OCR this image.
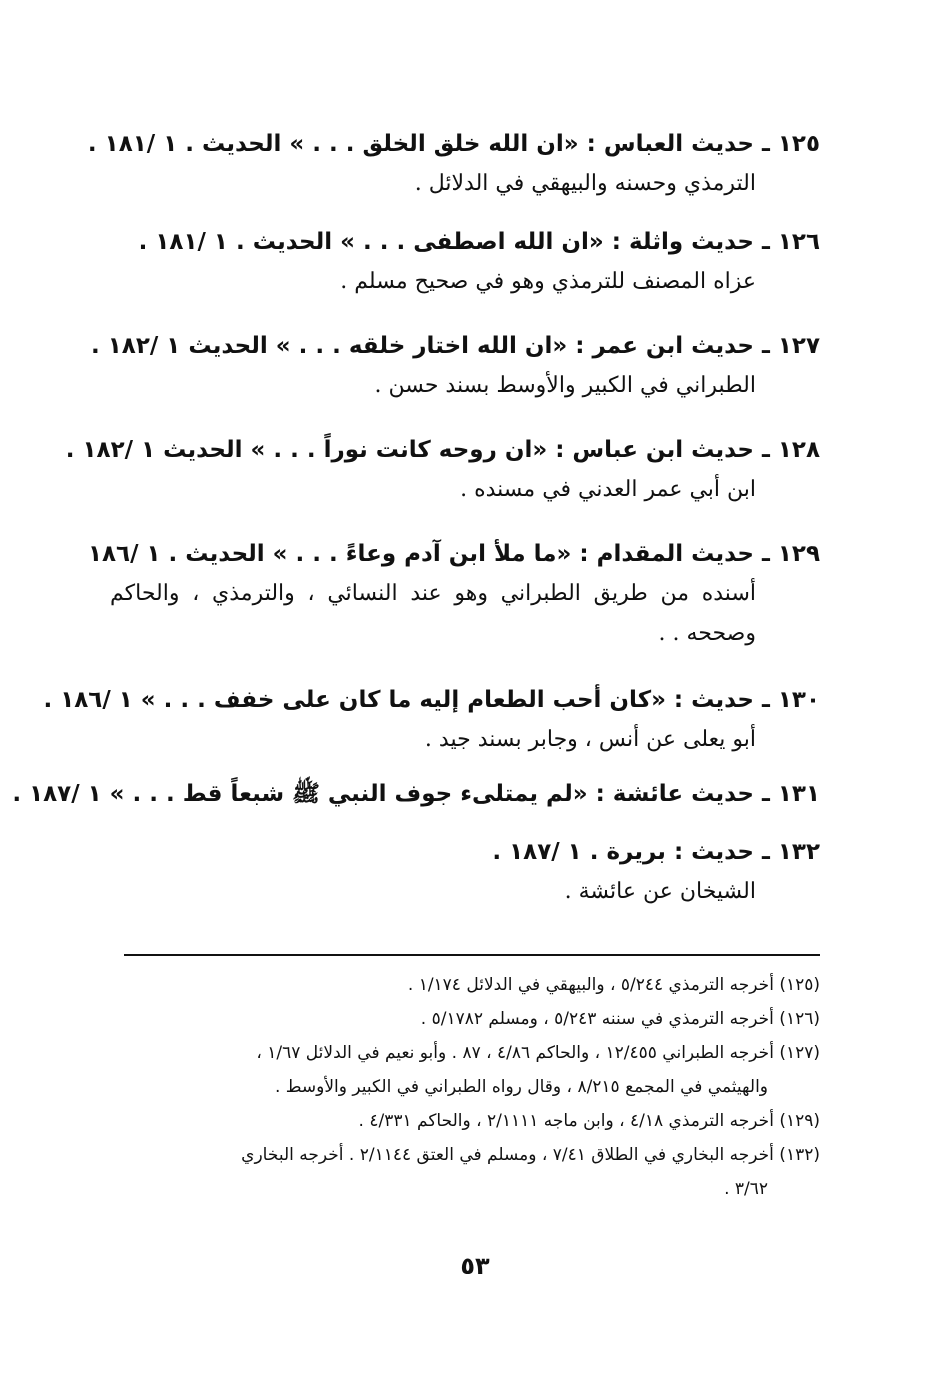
١٢٥ ـ حديث العباس : «ان الله خلق الخلق . . . » الحديث . ١ /١٨١ .
الترمذي وحسنه والبيهقي في الدلائل .
١٢٦ ـ حديث واثلة : «ان الله اصطفى . . . » الحديث . ١ /١٨١ .
عزاه المصنف للترمذي وهو في صحيح مسلم .
١٢٧ ـ حديث ابن عمر : «ان الله اختار خلقه . . . » الحديث ١ /١٨٢ .
الطبراني في الكبير والأوسط بسند حسن .
١٢٨ ـ حديث ابن عباس : «ان روحه كانت نوراً . . . » الحديث ١ /١٨٢ .
ابن أبي عمر العدني في مسنده .
١٢٩ ـ حديث المقدام : «ما ملأ ابن آدم وعاءً . . . » الحديث . ١ /١٨٦
أسنده من طريق الطبراني وهو عند النسائي ، والترمذي ، والحاكم وصححه . .
١٣٠ ـ حديث : «كان أحب الطعام إليه ما كان على خفف . . . » ١ /١٨٦ .
أبو يعلى عن أنس ، وجابر بسند جيد .
١٣١ ـ حديث عائشة : «لم يمتلىء جوف النبي ﷺ شبعاً قط . . . » ١ /١٨٧ .
١٣٢ ـ حديث : بريرة . ١ /١٨٧ .
الشيخان عن عائشة .
(١٢٥) أخرجه الترمذي ٥/٢٤٤ ، والبيهقي في الدلائل ١/١٧٤ .
(١٢٦) أخرجه الترمذي في سننه ٥/٢٤٣ ، ومسلم ٥/١٧٨٢ .
(١٢٧) أخرجه الطبراني ١٢/٤٥٥ ، والحاكم ٤/٨٦ ، ٨٧ . وأبو نعيم في الدلائل ١/٦٧ ،
والهيثمي في المجمع ٨/٢١٥ ، وقال رواه الطبراني في الكبير والأوسط .
(١٢٩) أخرجه الترمذي ٤/١٨ ، وابن ماجه ٢/١١١١ ، والحاكم ٤/٣٣١ .
(١٣٢) أخرجه البخاري في الطلاق ٧/٤١ ، ومسلم في العتق ٢/١١٤٤ . أخرجه البخاري
٣/٦٢ .
٥٣
